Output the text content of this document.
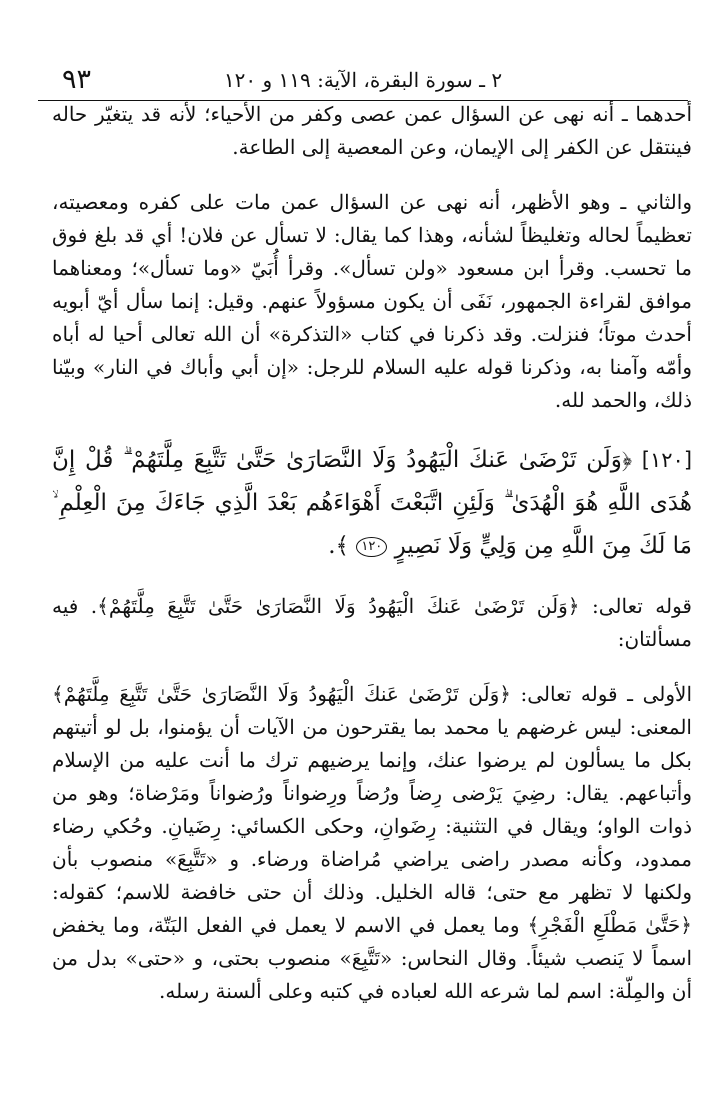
٩٣	٢ ـ سورة البقرة، الآية: ١١٩ و ١٢٠

أحدهما ـ أنه نهى عن السؤال عمن عصى وكفر من الأحياء؛ لأنه قد يتغيّر حاله فينتقل عن الكفر إلى الإيمان، وعن المعصية إلى الطاعة.

والثاني ـ وهو الأظهر، أنه نهى عن السؤال عمن مات على كفره ومعصيته، تعظيماً لحاله وتغليظاً لشأنه، وهذا كما يقال: لا تسأل عن فلان! أي قد بلغ فوق ما تحسب. وقرأ ابن مسعود «ولن تسأل». وقرأ أُبَيّ «وما تسأل»؛ ومعناهما موافق لقراءة الجمهور، نَفَى أن يكون مسؤولاً عنهم. وقيل: إنما سأل أيّ أبويه أحدث موتاً؛ فنزلت. وقد ذكرنا في كتاب «التذكرة» أن الله تعالى أحيا له أباه وأمّه وآمنا به، وذكرنا قوله عليه السلام للرجل: «إن أبي وأباك في النار» وبيّنا ذلك، والحمد لله.

[١٢٠] ﴿وَلَن تَرْضَىٰ عَنكَ الْيَهُودُ وَلَا النَّصَارَىٰ حَتَّىٰ تَتَّبِعَ مِلَّتَهُمْ ۗ قُلْ إِنَّ هُدَى اللَّهِ هُوَ الْهُدَىٰ ۗ وَلَئِنِ اتَّبَعْتَ أَهْوَاءَهُم بَعْدَ الَّذِي جَاءَكَ مِنَ الْعِلْمِ ۙ مَا لَكَ مِنَ اللَّهِ مِن وَلِيٍّ وَلَا نَصِيرٍ ١٢٠ ﴾.

قوله تعالى: ﴿وَلَن تَرْضَىٰ عَنكَ الْيَهُودُ وَلَا النَّصَارَىٰ حَتَّىٰ تَتَّبِعَ مِلَّتَهُمْ﴾. فيه مسألتان:

الأولى ـ قوله تعالى: ﴿وَلَن تَرْضَىٰ عَنكَ الْيَهُودُ وَلَا النَّصَارَىٰ حَتَّىٰ تَتَّبِعَ مِلَّتَهُمْ﴾ المعنى: ليس غرضهم يا محمد بما يقترحون من الآيات أن يؤمنوا، بل لو أتيتهم بكل ما يسألون لم يرضوا عنك، وإنما يرضيهم ترك ما أنت عليه من الإسلام وأتباعهم. يقال: رضِيَ يَرْضى رِضاً ورُضاً ورِضواناً ورُضواناً ومَرْضاة؛ وهو من ذوات الواو؛ ويقال في التثنية: رِضَوانِ، وحكى الكسائي: رِضَيانِ. وحُكي رضاء ممدود، وكأنه مصدر راضى يراضي مُراضاة ورضاء. و «تَتَّبِعَ» منصوب بأن ولكنها لا تظهر مع حتى؛ قاله الخليل. وذلك أن حتى خافضة للاسم؛ كقوله: ﴿حَتَّىٰ مَطْلَعِ الْفَجْرِ﴾ وما يعمل في الاسم لا يعمل في الفعل البَتّة، وما يخفض اسماً لا يَنصب شيئاً. وقال النحاس: «تَتَّبِعَ» منصوب بحتى، و «حتى» بدل من أن والمِلّة: اسم لما شرعه الله لعباده في كتبه وعلى ألسنة رسله.
